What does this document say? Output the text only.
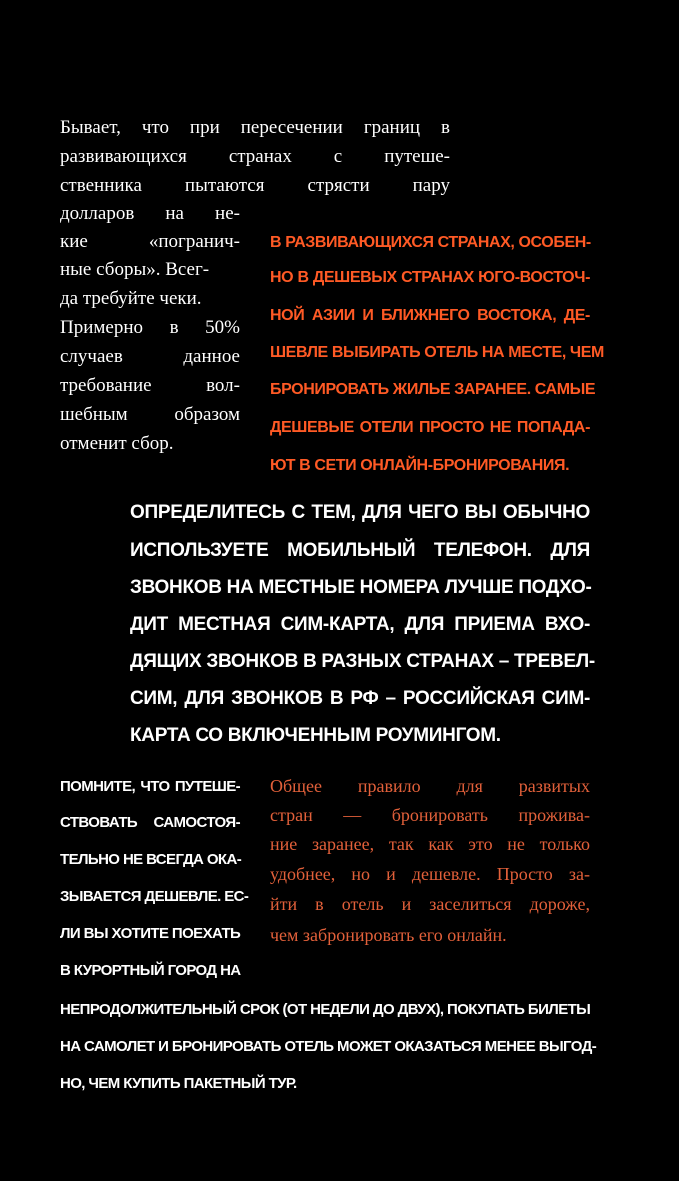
Бывает, что при пересечении границ в

развивающихся странах с путеше-

ственника пытаются стрясти пару

долларов на не-

кие «погранич-

ные сборы». Всег-

да требуйте чеки.

Примерно в 50%

случаев данное

требование вол-

шебным образом

отменит сбор.

В РАЗВИВАЮЩИХСЯ СТРАНАХ, ОСОБЕН-

НО В ДЕШЕВЫХ СТРАНАХ ЮГО-ВОСТОЧ-

НОЙ АЗИИ И БЛИЖНЕГО ВОСТОКА, ДЕ-

ШЕВЛЕ ВЫБИРАТЬ ОТЕЛЬ НА МЕСТЕ, ЧЕМ

БРОНИРОВАТЬ ЖИЛЬЕ ЗАРАНЕЕ. САМЫЕ

ДЕШЕВЫЕ ОТЕЛИ ПРОСТО НЕ ПОПАДА-

ЮТ В СЕТИ ОНЛАЙН-БРОНИРОВАНИЯ.

ОПРЕДЕЛИТЕСЬ С ТЕМ, ДЛЯ ЧЕГО ВЫ ОБЫЧНО

ИСПОЛЬЗУЕТЕ МОБИЛЬНЫЙ ТЕЛЕФОН. ДЛЯ

ЗВОНКОВ НА МЕСТНЫЕ НОМЕРА ЛУЧШЕ ПОДХО-

ДИТ МЕСТНАЯ СИМ-КАРТА, ДЛЯ ПРИЕМА ВХО-

ДЯЩИХ ЗВОНКОВ В РАЗНЫХ СТРАНАХ – ТРЕВЕЛ-

СИМ, ДЛЯ ЗВОНКОВ В РФ – РОССИЙСКАЯ СИМ-

КАРТА СО ВКЛЮЧЕННЫМ РОУМИНГОМ.

ПОМНИТЕ, ЧТО ПУТЕШЕ-

СТВОВАТЬ САМОСТОЯ-

ТЕЛЬНО НЕ ВСЕГДА ОКА-

ЗЫВАЕТСЯ ДЕШЕВЛЕ. ЕС-

ЛИ ВЫ ХОТИТЕ ПОЕХАТЬ

В КУРОРТНЫЙ ГОРОД НА

НЕПРОДОЛЖИТЕЛЬНЫЙ СРОК (ОТ НЕДЕЛИ ДО ДВУХ), ПОКУПАТЬ БИЛЕТЫ

НА САМОЛЕТ И БРОНИРОВАТЬ ОТЕЛЬ МОЖЕТ ОКАЗАТЬСЯ МЕНЕЕ ВЫГОД-

НО, ЧЕМ КУПИТЬ ПАКЕТНЫЙ ТУР.

Общее правило для развитых

стран — бронировать прожива-

ние заранее, так как это не только

удобнее, но и дешевле. Просто за-

йти в отель и заселиться дороже,

чем забронировать его онлайн.
